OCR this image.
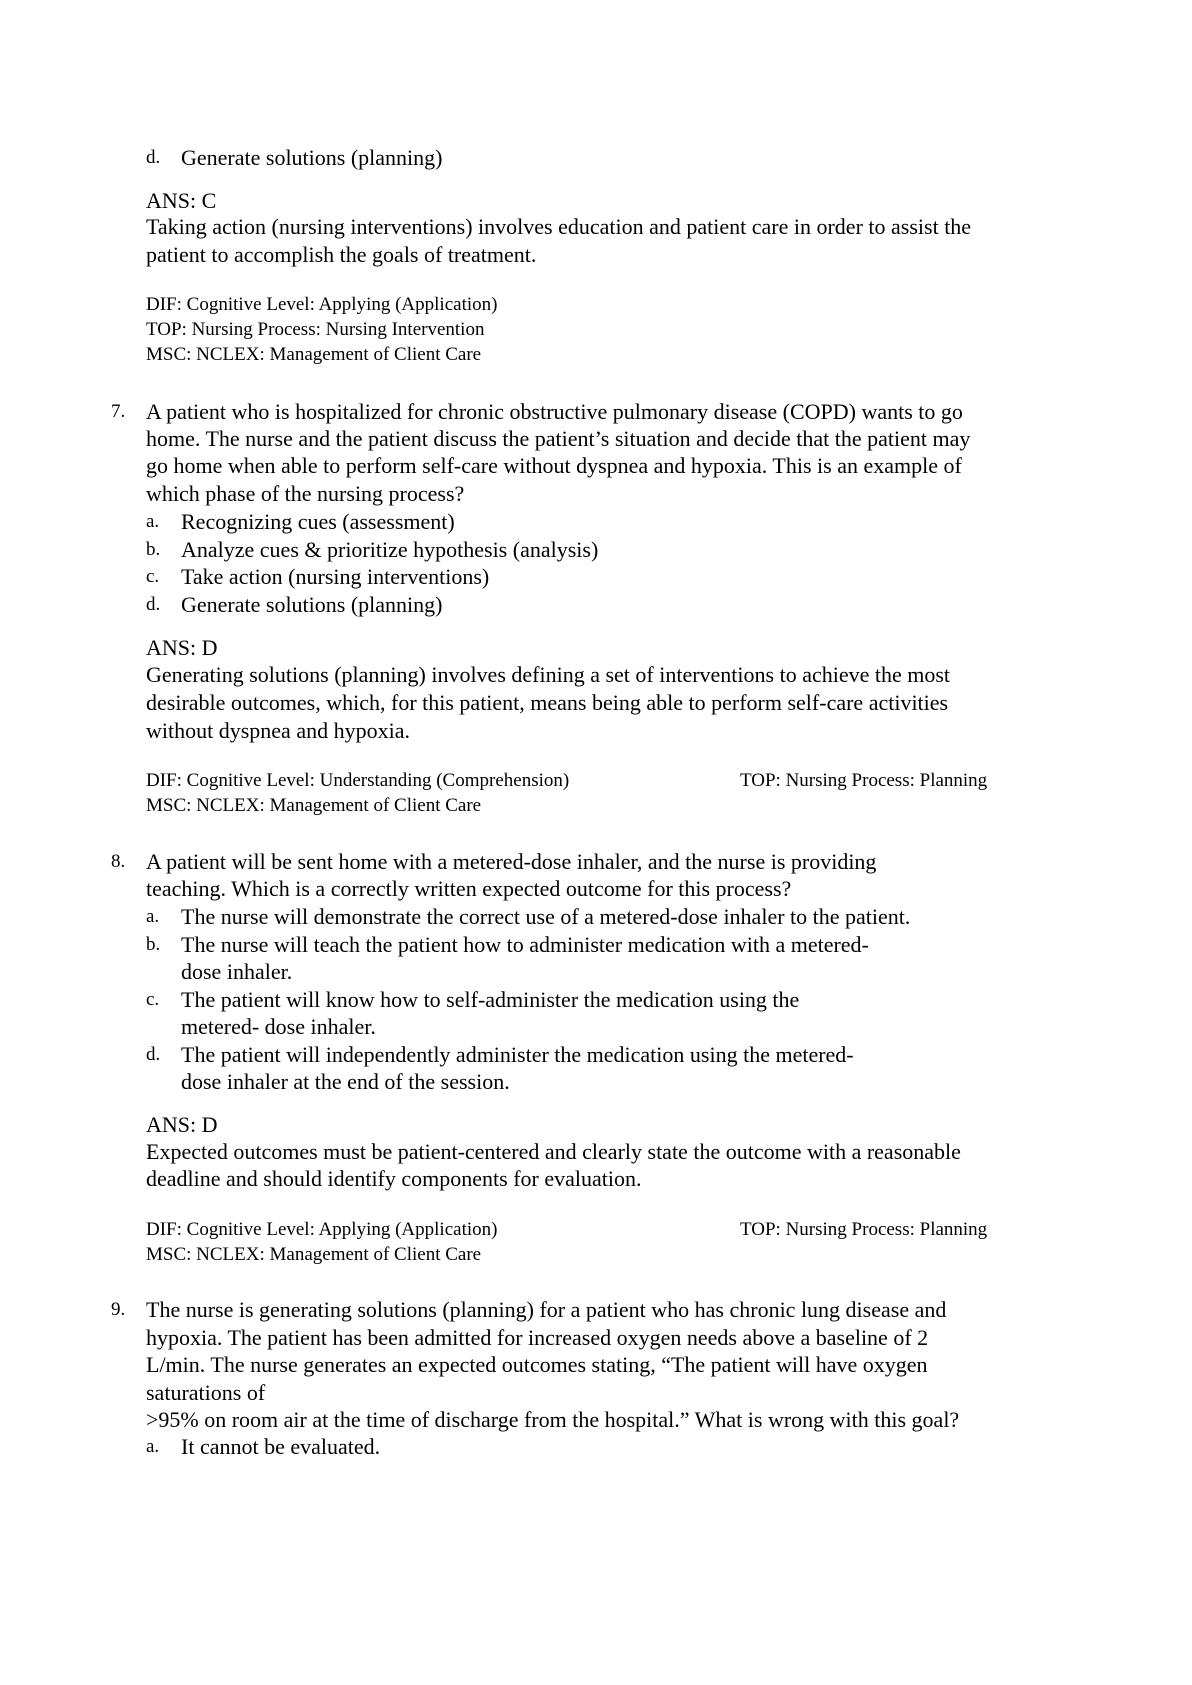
d. Generate solutions (planning)
ANS: C
Taking action (nursing interventions) involves education and patient care in order to assist the
patient to accomplish the goals of treatment.
DIF: Cognitive Level: Applying (Application)
TOP: Nursing Process: Nursing Intervention
MSC: NCLEX: Management of Client Care
7. A patient who is hospitalized for chronic obstructive pulmonary disease (COPD) wants to go
home. The nurse and the patient discuss the patient’s situation and decide that the patient may
go home when able to perform self-care without dyspnea and hypoxia. This is an example of
which phase of the nursing process?
a. Recognizing cues (assessment)
b. Analyze cues & prioritize hypothesis (analysis)
c. Take action (nursing interventions)
d. Generate solutions (planning)
ANS: D
Generating solutions (planning) involves defining a set of interventions to achieve the most
desirable outcomes, which, for this patient, means being able to perform self-care activities
without dyspnea and hypoxia.
DIF: Cognitive Level: Understanding (Comprehension)	TOP: Nursing Process: Planning
MSC: NCLEX: Management of Client Care
8. A patient will be sent home with a metered-dose inhaler, and the nurse is providing
teaching. Which is a correctly written expected outcome for this process?
a. The nurse will demonstrate the correct use of a metered-dose inhaler to the patient.
b. The nurse will teach the patient how to administer medication with a metered-
dose inhaler.
c. The patient will know how to self-administer the medication using the
metered- dose inhaler.
d. The patient will independently administer the medication using the metered-
dose inhaler at the end of the session.
ANS: D
Expected outcomes must be patient-centered and clearly state the outcome with a reasonable
deadline and should identify components for evaluation.
DIF: Cognitive Level: Applying (Application)	TOP: Nursing Process: Planning
MSC: NCLEX: Management of Client Care
9. The nurse is generating solutions (planning) for a patient who has chronic lung disease and
hypoxia. The patient has been admitted for increased oxygen needs above a baseline of 2
L/min. The nurse generates an expected outcomes stating, “The patient will have oxygen
saturations of
>95% on room air at the time of discharge from the hospital.” What is wrong with this goal?
a. It cannot be evaluated.
